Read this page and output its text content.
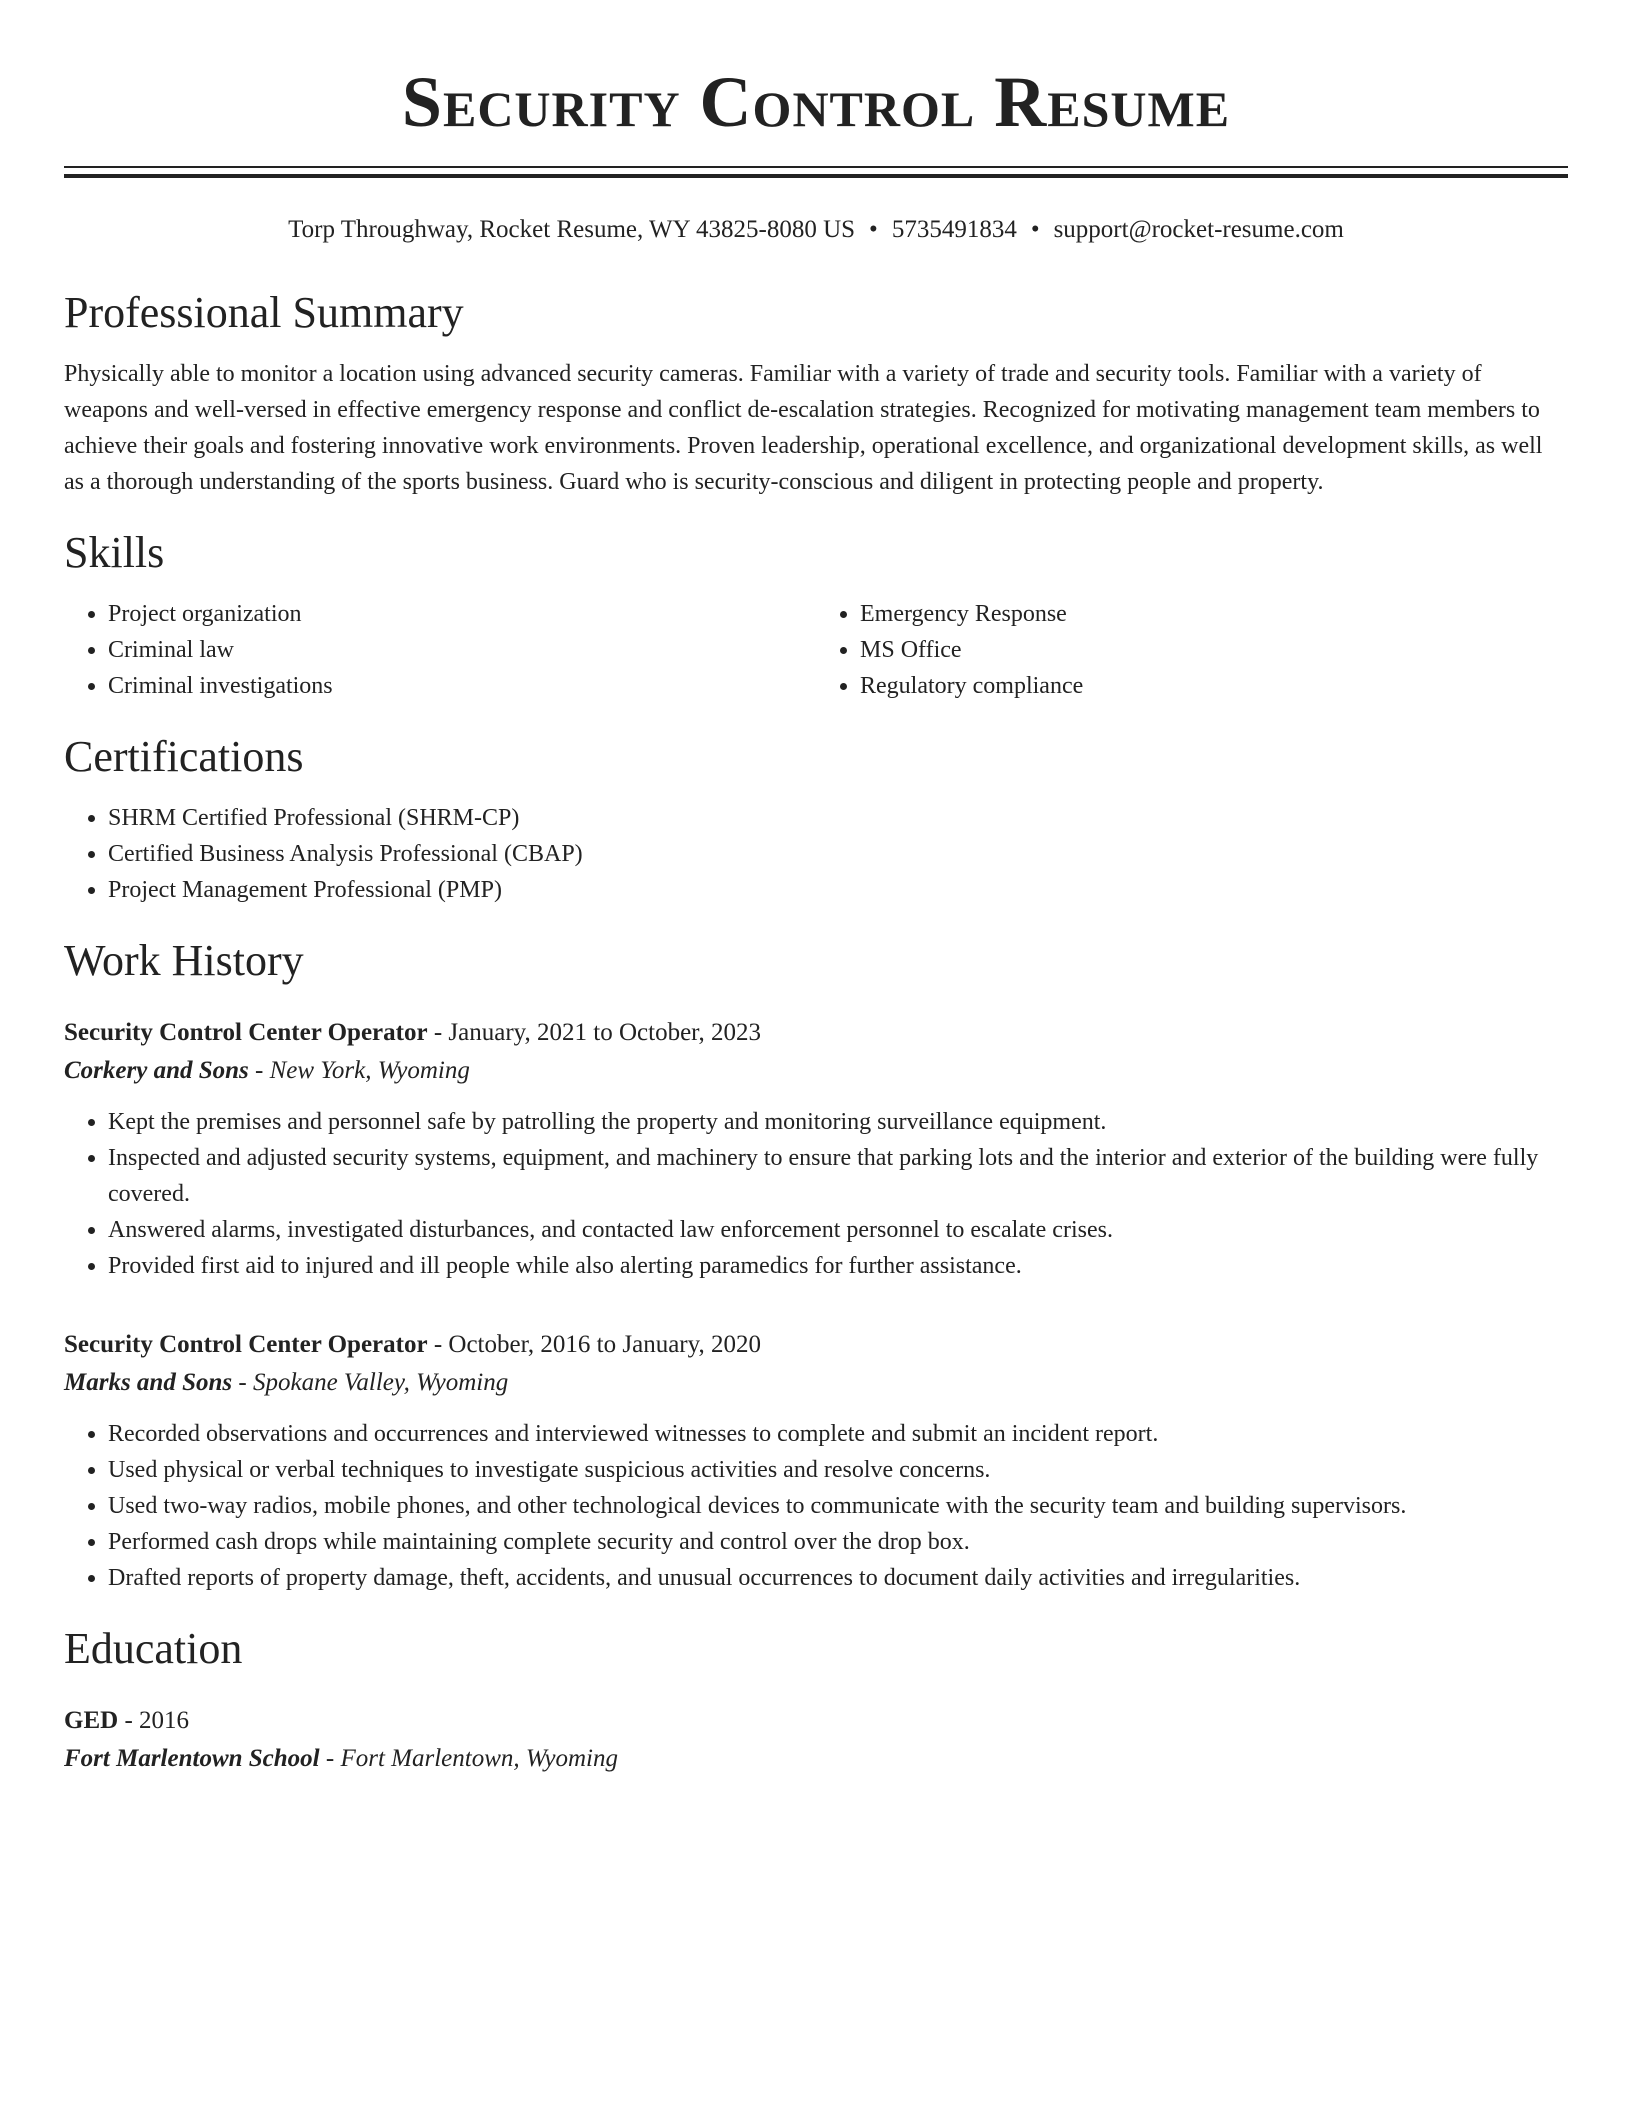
Security Control Resume
Torp Throughway, Rocket Resume, WY 43825-8080 US • 5735491834 • support@rocket-resume.com
Professional Summary

Physically able to monitor a location using advanced security cameras. Familiar with a variety of trade and security tools. Familiar with a variety of weapons and well-versed in effective emergency response and conflict de-escalation strategies. Recognized for motivating management team members to achieve their goals and fostering innovative work environments. Proven leadership, operational excellence, and organizational development skills, as well as a thorough understanding of the sports business. Guard who is security-conscious and diligent in protecting people and property.

Skills
• Project organization
• Criminal law
• Criminal investigations
• Emergency Response
• MS Office
• Regulatory compliance
Certifications
• SHRM Certified Professional (SHRM-CP)
• Certified Business Analysis Professional (CBAP)
• Project Management Professional (PMP)
Work History
Security Control Center Operator - January, 2021 to October, 2023
Corkery and Sons - New York, Wyoming
• Kept the premises and personnel safe by patrolling the property and monitoring surveillance equipment.
• Inspected and adjusted security systems, equipment, and machinery to ensure that parking lots and the interior and exterior of the building were fully covered.
• Answered alarms, investigated disturbances, and contacted law enforcement personnel to escalate crises.
• Provided first aid to injured and ill people while also alerting paramedics for further assistance.
Security Control Center Operator - October, 2016 to January, 2020
Marks and Sons - Spokane Valley, Wyoming
• Recorded observations and occurrences and interviewed witnesses to complete and submit an incident report.
• Used physical or verbal techniques to investigate suspicious activities and resolve concerns.
• Used two-way radios, mobile phones, and other technological devices to communicate with the security team and building supervisors.
• Performed cash drops while maintaining complete security and control over the drop box.
• Drafted reports of property damage, theft, accidents, and unusual occurrences to document daily activities and irregularities.
Education
GED - 2016
Fort Marlentown School - Fort Marlentown, Wyoming
